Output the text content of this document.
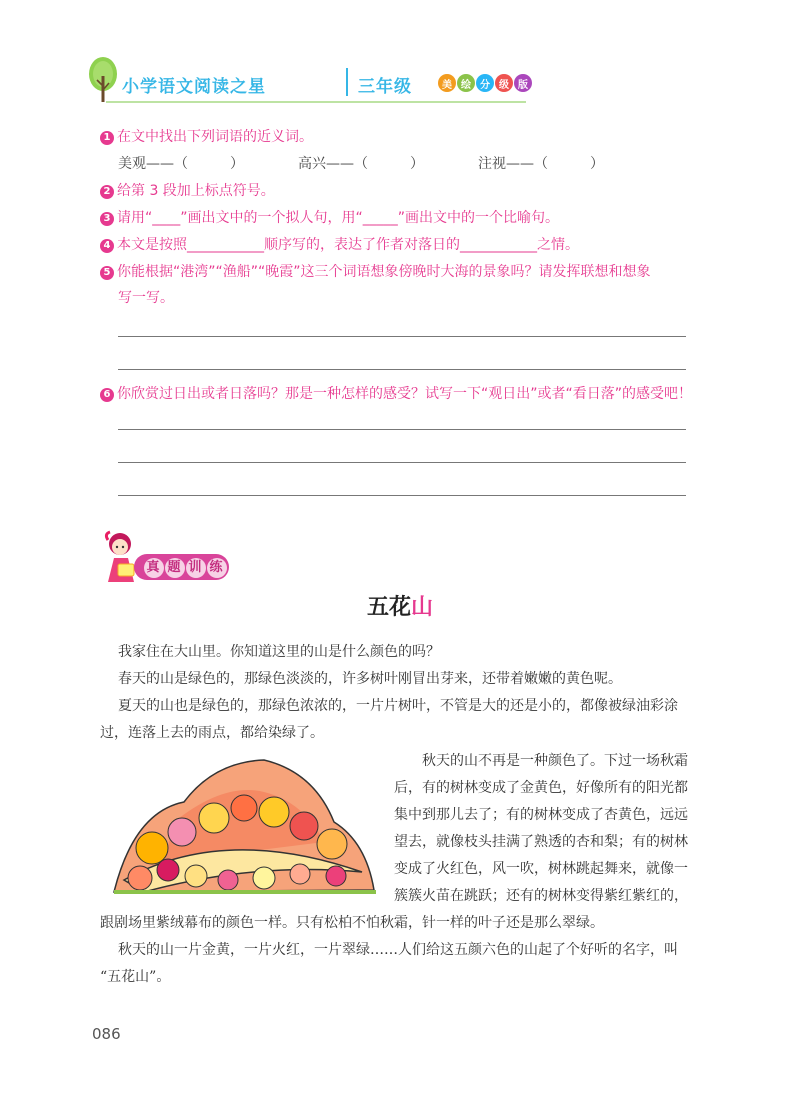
小学语文阅读之星	三年级	美 绘 分 级 版
1 在文中找出下列词语的近义词。
美观——（　　　）	高兴——（　　　）	注视——（　　　）
2 给第 3 段加上标点符号。
3 请用“____”画出文中的一个拟人句，用“_____”画出文中的一个比喻句。
4 本文是按照___________顺序写的，表达了作者对落日的___________之情。
5 你能根据“港湾”“渔船”“晚霞”这三个词语想象傍晚时大海的景象吗？请发挥联想和想象
写一写。
6 你欣赏过日出或者日落吗？那是一种怎样的感受？试写一下“观日出”或者“看日落”的感受吧！
真 题 训 练
五花山
我家住在大山里。你知道这里的山是什么颜色的吗？
春天的山是绿色的，那绿色淡淡的，许多树叶刚冒出芽来，还带着嫩嫩的黄色呢。
夏天的山也是绿色的，那绿色浓浓的，一片片树叶，不管是大的还是小的，都像被绿油彩涂
过，连落上去的雨点，都给染绿了。
秋天的山不再是一种颜色了。下过一场秋霜
后，有的树林变成了金黄色，好像所有的阳光都
集中到那儿去了；有的树林变成了杏黄色，远远
望去，就像枝头挂满了熟透的杏和梨；有的树林
变成了火红色，风一吹，树林跳起舞来，就像一
簇簇火苗在跳跃；还有的树林变得紫红紫红的，
跟剧场里紫绒幕布的颜色一样。只有松柏不怕秋霜，针一样的叶子还是那么翠绿。
秋天的山一片金黄，一片火红，一片翠绿……人们给这五颜六色的山起了个好听的名字，叫
“五花山”。
086
